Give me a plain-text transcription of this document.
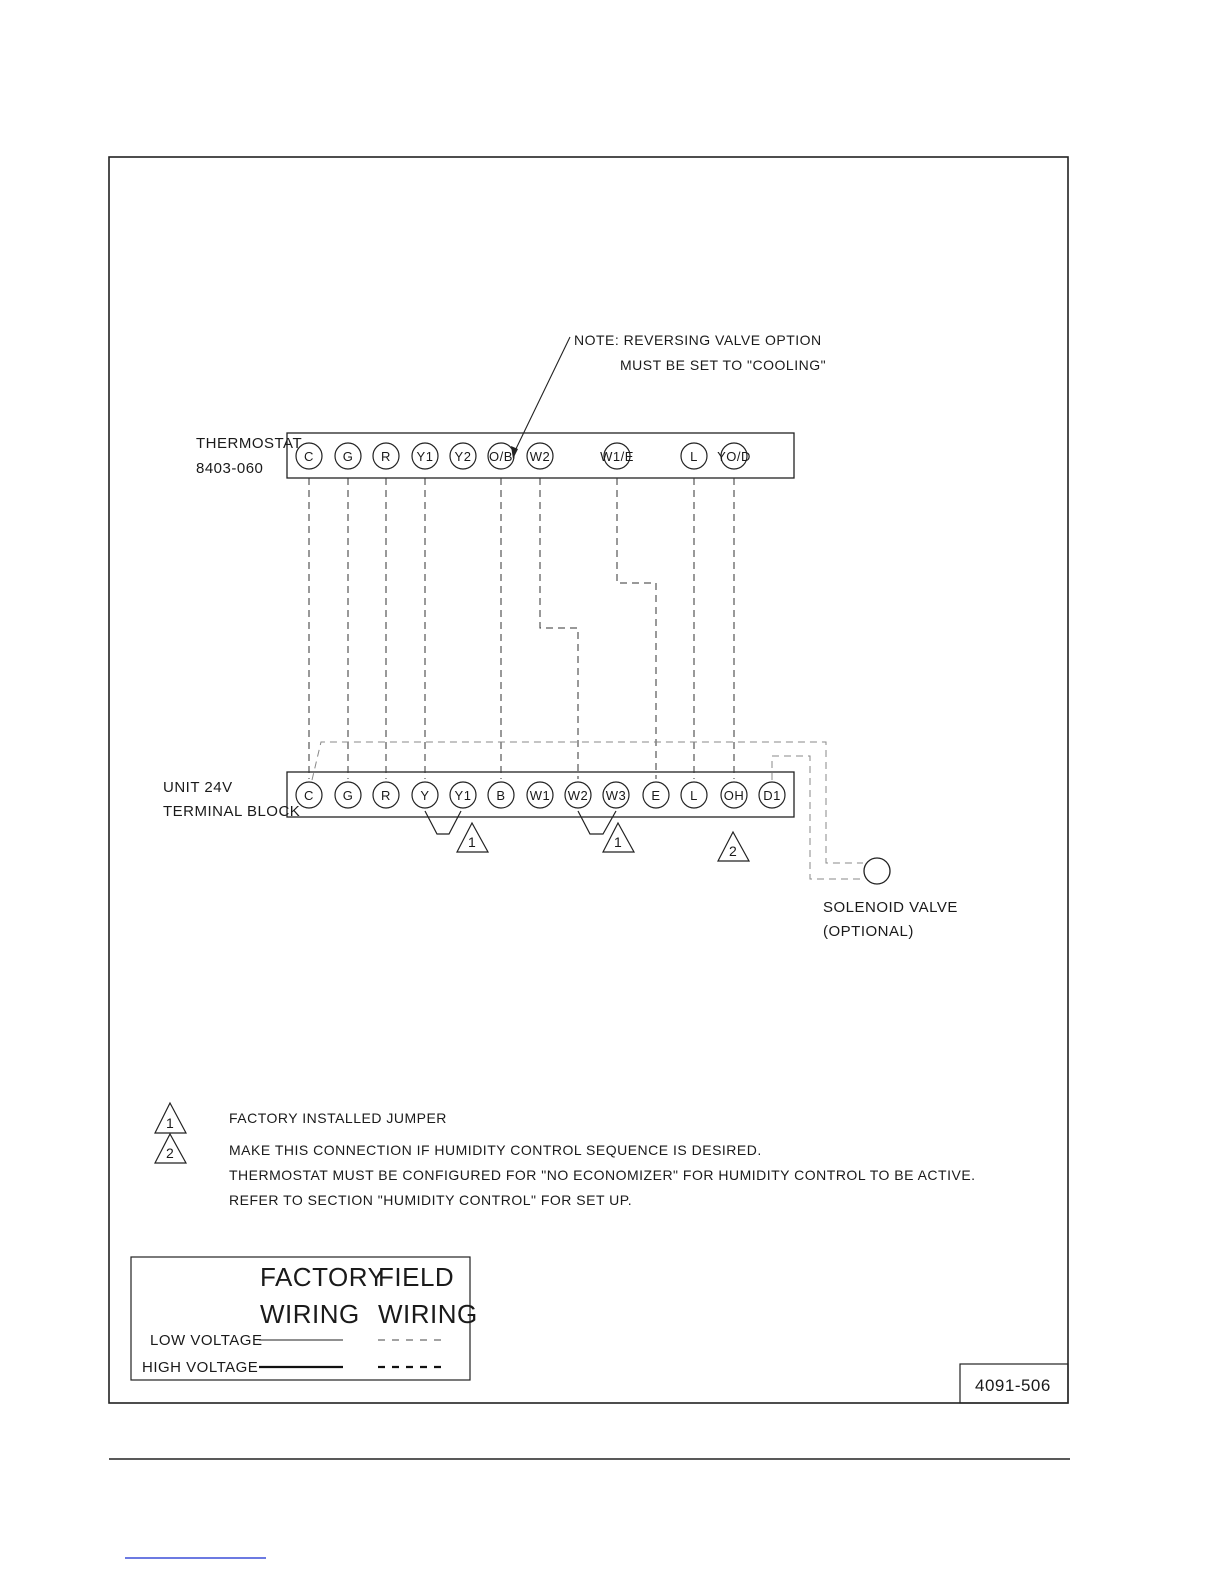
NOTE: REVERSING VALVE OPTION
MUST BE SET TO "COOLING"
THERMOSTAT
8403-060
C G R Y1 Y2 O/B W2	W1/E	L YO/D
UNIT 24V
TERMINAL BLOCK
C G R Y Y1 B W1 W2 W3 E L OH D1
SOLENOID VALVE
(OPTIONAL)
1	1
2
1	FACTORY INSTALLED JUMPER
2	MAKE THIS CONNECTION IF HUMIDITY CONTROL SEQUENCE IS DESIRED.
THERMOSTAT MUST BE CONFIGURED FOR "NO ECONOMIZER" FOR HUMIDITY CONTROL TO BE ACTIVE.
REFER TO SECTION "HUMIDITY CONTROL" FOR SET UP.
FACTORY
WIRING
FIELD
WIRING
LOW VOLTAGE
HIGH VOLTAGE
4091-506
